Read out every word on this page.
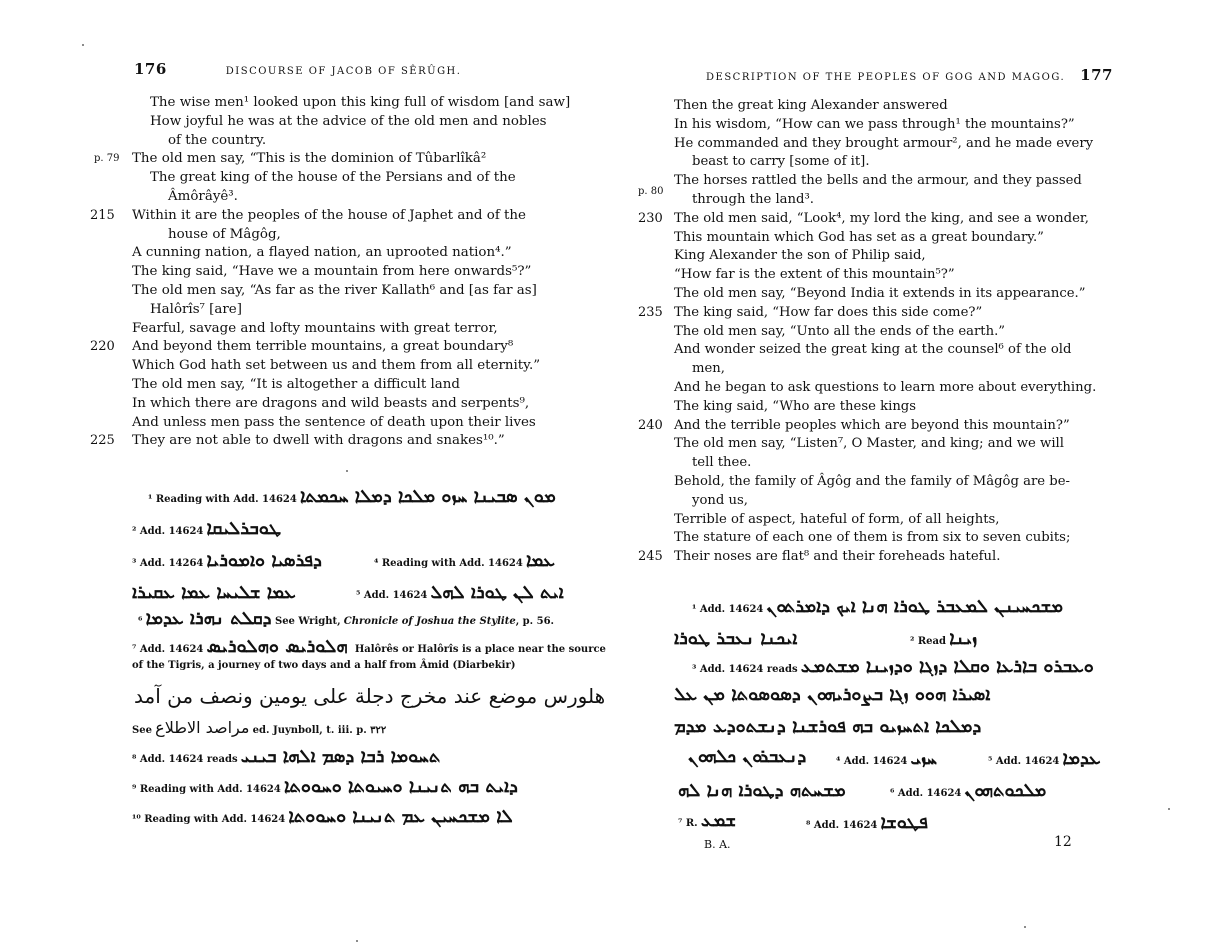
176	DISCOURSE OF JACOB OF SÊRÛGH.
The wise men¹ looked upon this king full of wisdom [and saw]
How joyful he was at the advice of the old men and nobles
of the country.
p. 79 The old men say, “This is the dominion of Tûbarlîkâ²
The great king of the house of the Persians and of the
Âmôrâyê³.
215 Within it are the peoples of the house of Japhet and of the
house of Mâgôg,
A cunning nation, a flayed nation, an uprooted nation⁴.”
The king said, “Have we a mountain from here onwards⁵?”
The old men say, “As far as the river Kallath⁶ and [as far as]
Halôrîs⁷ [are]
Fearful, savage and lofty mountains with great terror,
220 And beyond them terrible mountains, a great boundary⁸
Which God hath set between us and them from all eternity.”
The old men say, “It is altogether a difficult land
In which there are dragons and wild beasts and serpents⁹,
And unless men pass the sentence of death upon their lives
225 They are not able to dwell with dragons and snakes¹⁰.”
¹ Reading with Add. 14624 ܡܘܢ ܣܒܝܢܐ ܚܙܘ ܡܠܟܐ ܕܡܠܐ ܚܟܡܬܐ
² Add. 14624 ܛܘܒܪܠܝܩܐ
³ Add. 14264 ܕܦܪܣܝܐ ܘܐܡܘܪܝܐ	⁴ Reading with Add. 14624 ܥܡܐ
ܥܡܐ ܫܠܝܚܐ ܥܡܐ ܥܩܝܪܐ	⁵ Add. 14624 ܐܝܬ ܠܢ ܛܘܪܐ ܠܗܠ
ܕܩܠܬ ܢܗܪܐ ܥܕܡܐ ⁶ See Wright, Chronicle of Joshua the Stylite, p. 56.
⁷ Add. 14624 ܗܠܘܪܝܣ ܘܗܠܘܪܝܣ Halôrês or Halôrîs is a place near the source
of the Tigris, a journey of two days and a half from Âmid (Diarbekir)
هلورس موضع عند مخرج دجلة على يومين ونصف من آمد
See مراصد الاطلاع ed. Juynboll, t. iii. p. ٣٢٢
⁸ Add. 14624 reads ܬܚܘܡܐ ܪܒܐ ܕܣܡ ܐܠܗܐ ܒܝܢܝ
⁹ Reading with Add. 14624 ܕܐܝܬ ܒܗ ܬܢܝܢܐ ܘܚܝܘܬܐ ܘܚܘܘܬܐ
¹⁰ Reading with Add. 14624 ܠܐ ܡܫܟܚܝܢ ܥܡ ܬܢܝܢܐ ܘܚܘܘܬܐ
DESCRIPTION OF THE PEOPLES OF GOG AND MAGOG. 177
Then the great king Alexander answered
In his wisdom, “How can we pass through¹ the mountains?”
He commanded and they brought armour², and he made every
beast to carry [some of it].
The horses rattled the bells and the armour, and they passed
p. 80
through the land³.
230 The old men said, “Look⁴, my lord the king, and see a wonder,
This mountain which God has set as a great boundary.”
King Alexander the son of Philip said,
“How far is the extent of this mountain⁵?”
The old men say, “Beyond India it extends in its appearance.”
235 The king said, “How far does this side come?”
The old men say, “Unto all the ends of the earth.”
And wonder seized the great king at the counsel⁶ of the old
men,
And he began to ask questions to learn more about everything.
The king said, “Who are these kings
240 And the terrible peoples which are beyond this mountain?”
The old men say, “Listen⁷, O Master, and king; and we will
tell thee.
Behold, the family of Âgôg and the family of Mâgôg are be-
yond us,
Terrible of aspect, hateful of form, of all heights,
The stature of each one of them is from six to seven cubits;
245 Their noses are flat⁸ and their foreheads hateful.
¹ Add. 14624 ܡܫܟܚܝܢܢ ܠܡܥܒܪ ܛܘܪܐ ܗܢܐ ܐܝܟ ܕܐܡܪܬܘܢ
ܐܝܟܢܐ ܢܥܒܪ ܛܘܪܐ	² Read ܙܝܢܐ
³ Add. 14624 reads ܘܥܒܪܘ ܒܐܪܥܐ ܘܩܠܐ ܕܙܓܐ ܘܕܙܝܢܐ ܡܫܬܡܥ
ܐܣܝܪܐ ܗܘܘ ܙܓܐ ܒܨܘܪܝܗܘܢ ܕܣܘܣܘܬܐ ܡܢ ܥܠ
ܕܡܠܟܐ ܐܬܚܙܝܘ ܒܗ ܦܘܪܫܢܐ ܕܢܫܬܘܕܥ ܡܕܡ
ܕܢܥܒܪܘܢ ܟܠܗܘܢ	⁴ Add. 14624 ܚܙܝ	⁵ Add. 14624 ܥܕܡܐ
ܡܫܚܬܗ ܕܛܘܪܐ ܗܢܐ ܠܗ	⁶ Add. 14624 ܡܠܟܘܬܗܘܢ
⁷ R. ܫܡܥ	⁸ Add. 14624 ܦܛܘܫܐ
B. A.	12
